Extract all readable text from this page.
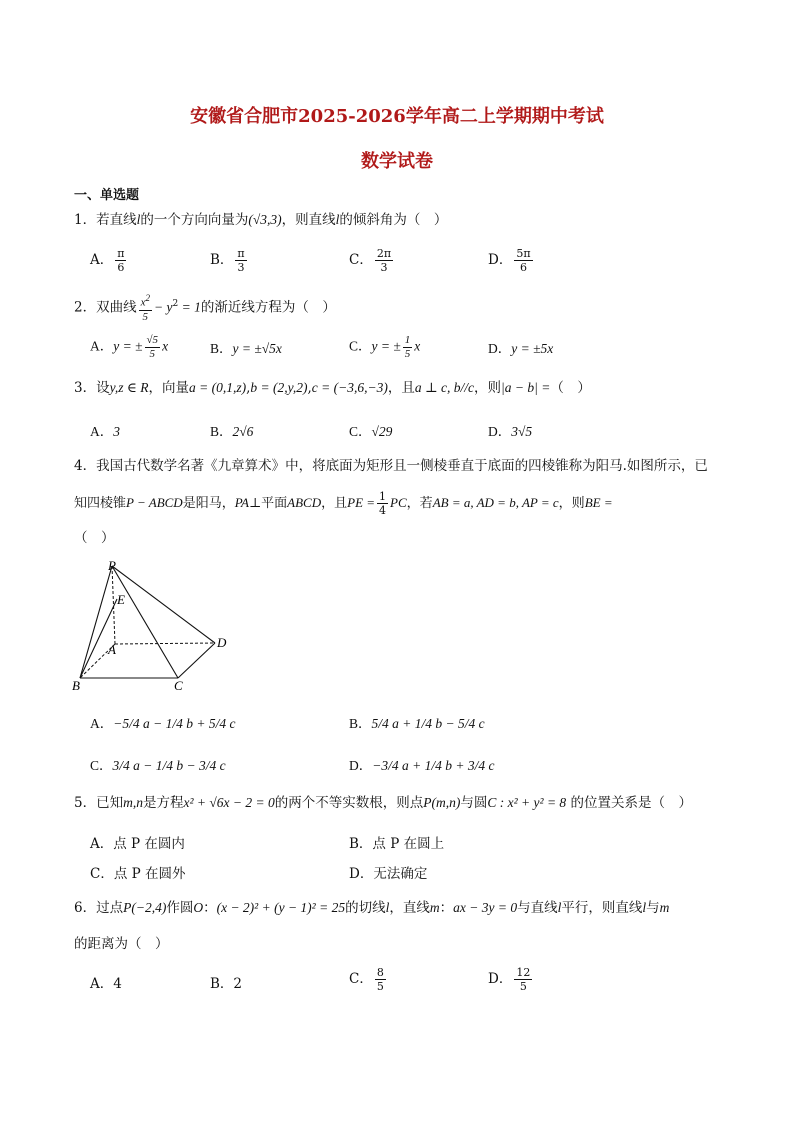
安徽省合肥市2025-2026学年高二上学期期中考试
数学试卷
一、单选题
1．若直线l的一个方向向量为(√3,3)，则直线l的倾斜角为（　）
A． $\frac{\pi}{6}$	B． $\frac{\pi}{3}$	C． $\frac{2\pi}{3}$	D． $\frac{5\pi}{6}$
2．双曲线 $\frac{x^2}{5} - y^2 = 1$的渐近线方程为（　）
A．y = ± $\frac{√5}{5}$ x	B．y = ±√5x	C．y = ± $\frac{1}{5}$ x	D．y = ±5x
3．设y,z ∈ R，向量a = (0,1,z),b = (2,y,2),c = (−3,6,−3)，且a ⊥ c, b//c，则|a − b| =（　）
A．3	B．2√6	C．√29	D．3√5
4．我国古代数学名著《九章算术》中，将底面为矩形且一侧棱垂直于底面的四棱锥称为阳马.如图所示，已
知四棱锥P − ABCD是阳马，PA⊥平面ABCD，且PE = $\frac{1}{4}$ PC，若AB = a, AD = b, AP = c，则BE =
（　）
P
E
A
B	C
D
A．−5/4 a − 1/4 b + 5/4 c	B．5/4 a + 1/4 b − 5/4 c
C．3/4 a − 1/4 b − 3/4 c	D．−3/4 a + 1/4 b + 3/4 c
5．已知m,n是方程x² + √6x − 2 = 0的两个不等实数根，则点P(m,n)与圆C : x² + y² = 8 的位置关系是（　）
A．点 P 在圆内	B．点 P 在圆上
C．点 P 在圆外	D．无法确定
6．过点P(−2,4)作圆O：(x − 2)² + (y − 1)² = 25的切线l，直线m：ax − 3y = 0与直线l平行，则直线l与m
的距离为（　）
A．4	B．2	C． $\frac{8}{5}$	D． $\frac{12}{5}$
